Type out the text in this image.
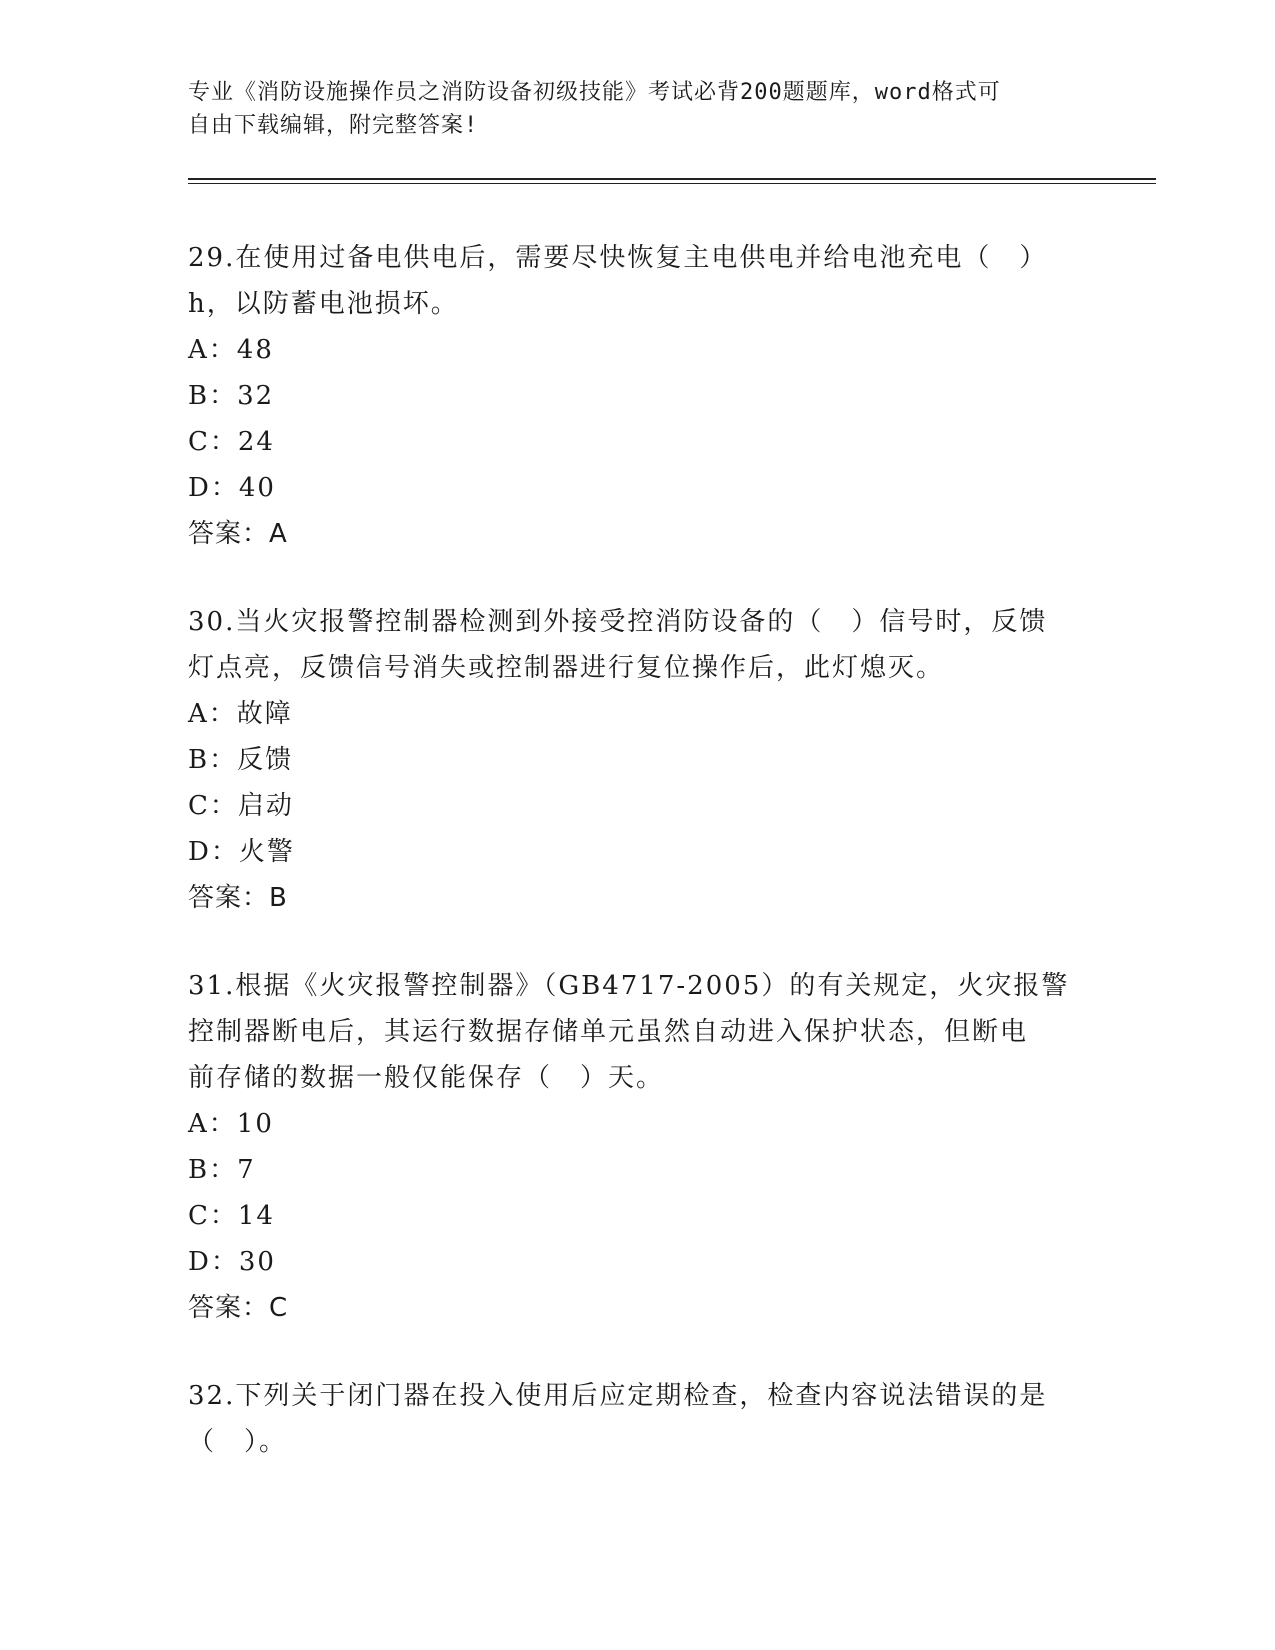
专业《消防设施操作员之消防设备初级技能》考试必背200题题库，word格式可
自由下载编辑，附完整答案!

29.在使用过备电供电后，需要尽快恢复主电供电并给电池充电（　）

h，以防蓄电池损坏。

A：48

B：32

C：24

D：40

答案：A

30.当火灾报警控制器检测到外接受控消防设备的（　）信号时，反馈

灯点亮，反馈信号消失或控制器进行复位操作后，此灯熄灭。

A：故障

B：反馈

C：启动

D：火警

答案：B

31.根据《火灾报警控制器》（GB4717-2005）的有关规定，火灾报警

控制器断电后，其运行数据存储单元虽然自动进入保护状态，但断电

前存储的数据一般仅能保存（　）天。

A：10

B：7

C：14

D：30

答案：C

32.下列关于闭门器在投入使用后应定期检查，检查内容说法错误的是

（　）。
